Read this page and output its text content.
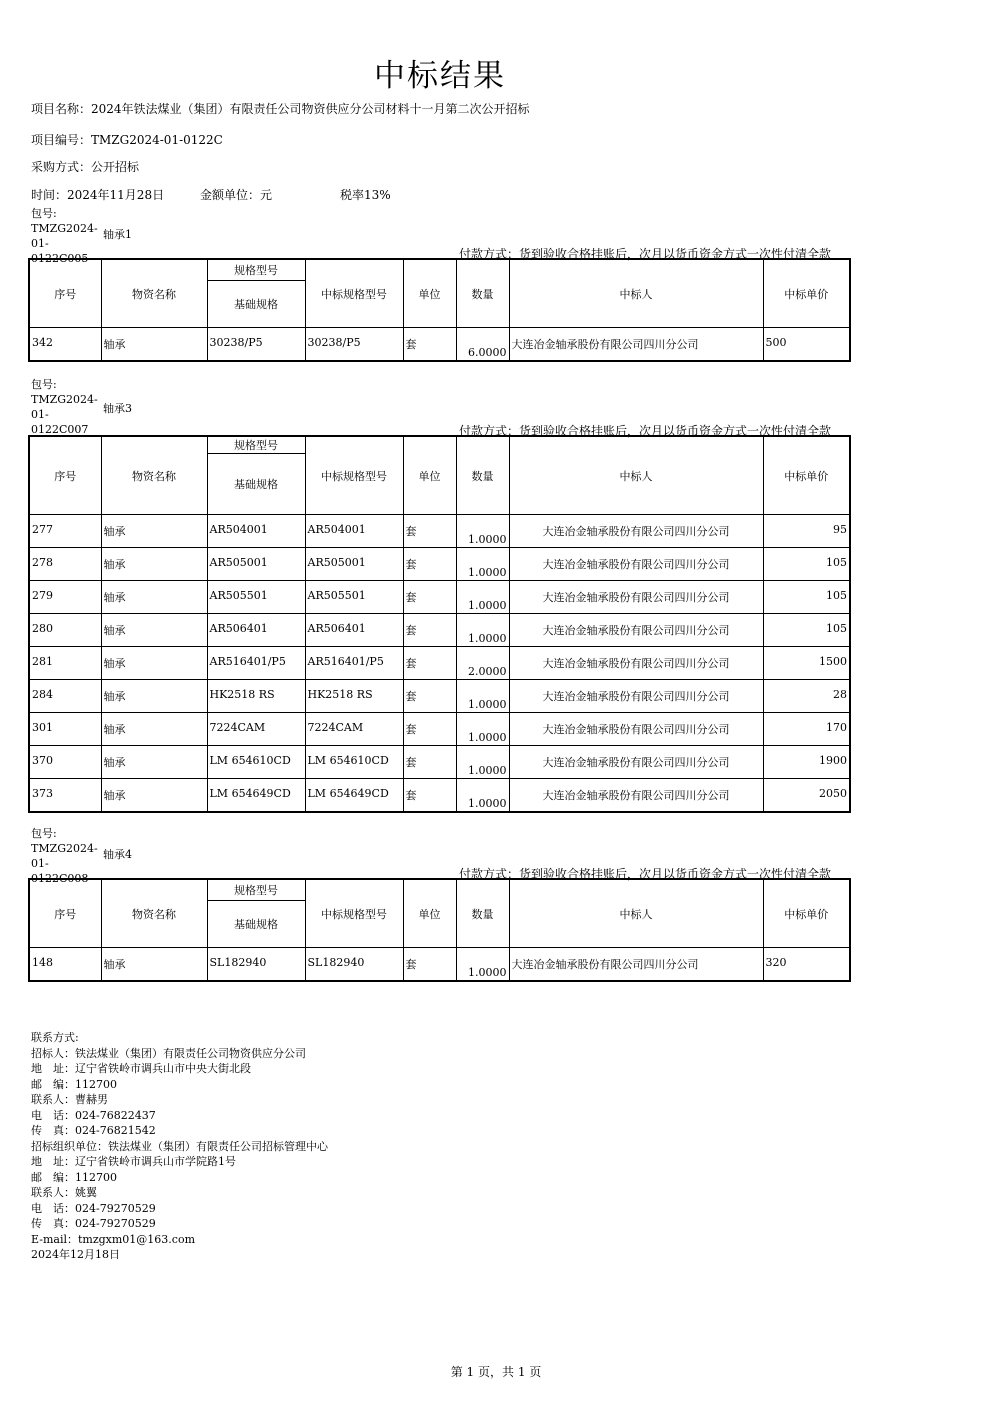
中标结果
项目名称：2024年铁法煤业（集团）有限责任公司物资供应分公司材料十一月第二次公开招标
项目编号：TMZG2024-01-0122C
采购方式：公开招标
时间：2024年11月28日	金额单位：元	税率13%
包号: TMZG2024-01-0122C005
轴承1
付款方式：货到验收合格挂账后，次月以货币资金方式一次性付清全款
序号	物资名称	规格型号	中标规格型号	单位	数量	中标人	中标单价
		基础规格					
342	轴承	30238/P5	30238/P5	套	6.0000	大连冶金轴承股份有限公司四川分公司	500
包号: TMZG2024-01-0122C007
轴承3
付款方式：货到验收合格挂账后，次月以货币资金方式一次性付清全款
序号	物资名称	规格型号	中标规格型号	单位	数量	中标人	中标单价
		基础规格					
277	轴承	AR504001	AR504001	套	1.0000	大连冶金轴承股份有限公司四川分公司	95
278	轴承	AR505001	AR505001	套	1.0000	大连冶金轴承股份有限公司四川分公司	105
279	轴承	AR505501	AR505501	套	1.0000	大连冶金轴承股份有限公司四川分公司	105
280	轴承	AR506401	AR506401	套	1.0000	大连冶金轴承股份有限公司四川分公司	105
281	轴承	AR516401/P5	AR516401/P5	套	2.0000	大连冶金轴承股份有限公司四川分公司	1500
284	轴承	HK2518 RS	HK2518 RS	套	1.0000	大连冶金轴承股份有限公司四川分公司	28
301	轴承	7224CAM	7224CAM	套	1.0000	大连冶金轴承股份有限公司四川分公司	170
370	轴承	LM 654610CD	LM 654610CD	套	1.0000	大连冶金轴承股份有限公司四川分公司	1900
373	轴承	LM 654649CD	LM 654649CD	套	1.0000	大连冶金轴承股份有限公司四川分公司	2050
包号: TMZG2024-01-0122C008
轴承4
付款方式：货到验收合格挂账后，次月以货币资金方式一次性付清全款
序号	物资名称	规格型号	中标规格型号	单位	数量	中标人	中标单价
		基础规格					
148	轴承	SL182940	SL182940	套	1.0000	大连冶金轴承股份有限公司四川分公司	320
联系方式:
招标人：铁法煤业（集团）有限责任公司物资供应分公司
地　址：辽宁省铁岭市调兵山市中央大街北段
邮　编：112700
联系人：曹赫男
电　话：024-76822437
传　真：024-76821542
招标组织单位：铁法煤业（集团）有限责任公司招标管理中心
地　址：辽宁省铁岭市调兵山市学院路1号
邮　编：112700
联系人：姚翼
电　话：024-79270529
传　真：024-79270529
E-mail：tmzgxm01@163.com
2024年12月18日
第 1 页，共 1 页
